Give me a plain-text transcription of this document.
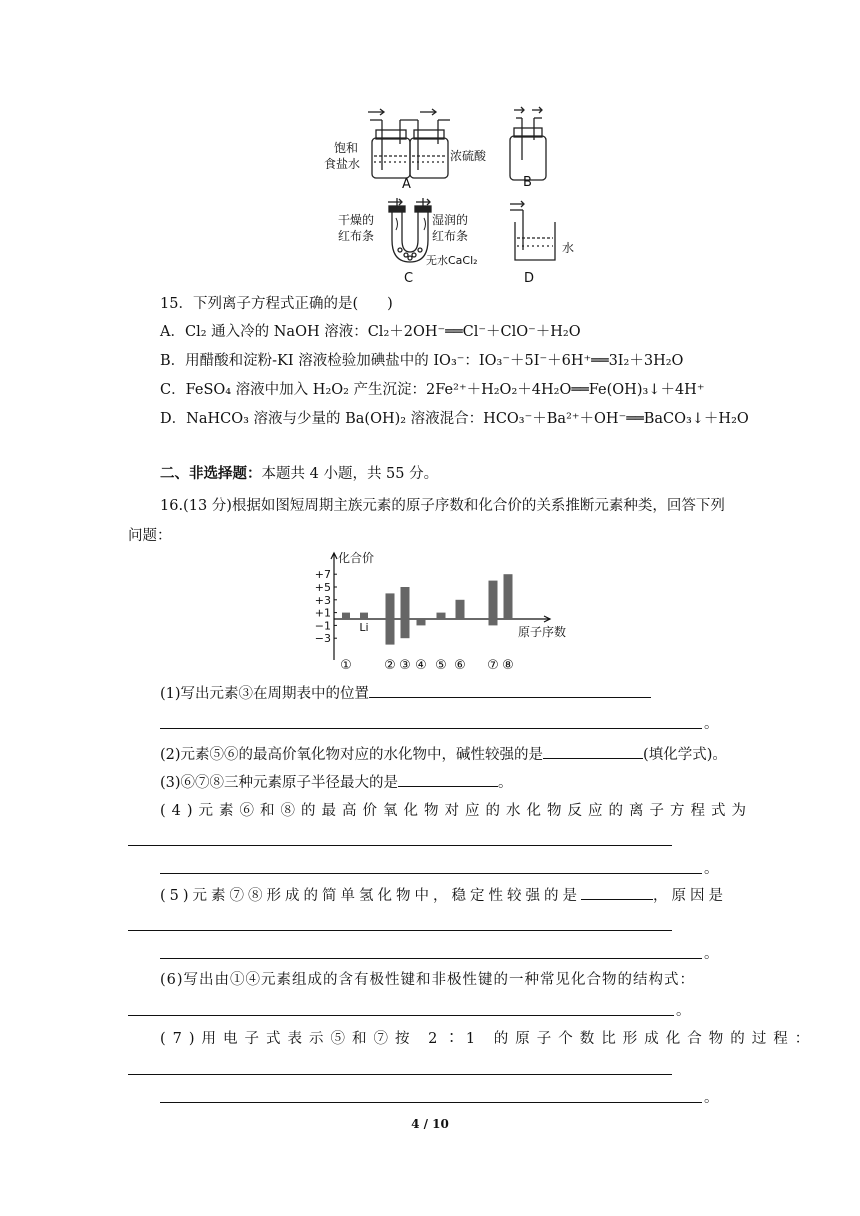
饱和
食盐水
浓硫酸
A	B
干燥的
红布条
湿润的
红布条
无水CaCl₂
C
水
D
15．下列离子方程式正确的是(　　)
A．Cl₂ 通入冷的 NaOH 溶液：Cl₂＋2OH⁻══Cl⁻＋ClO⁻＋H₂O
B．用醋酸和淀粉-KI 溶液检验加碘盐中的 IO₃⁻：IO₃⁻＋5I⁻＋6H⁺══3I₂＋3H₂O
C．FeSO₄ 溶液中加入 H₂O₂ 产生沉淀：2Fe²⁺＋H₂O₂＋4H₂O══Fe(OH)₃↓＋4H⁺
D．NaHCO₃ 溶液与少量的 Ba(OH)₂ 溶液混合：HCO₃⁻＋Ba²⁺＋OH⁻══BaCO₃↓＋H₂O
二、非选择题：本题共 4 小题，共 55 分。
16.(13 分)根据如图短周期主族元素的原子序数和化合价的关系推断元素种类，回答下列
问题：
化合价
原子序数
+7
+5
+3
+1
−1
−3
①
Li
② ③ ④ ⑤ ⑥ ⑦ ⑧
(1)写出元素③在周期表中的位置
。
(2)元素⑤⑥的最高价氧化物对应的水化物中，碱性较强的是	(填化学式)。
(3)⑥⑦⑧三种元素原子半径最大的是	。
(4)元素⑥和⑧的最高价氧化物对应的水化物反应的离子方程式为
。
(5)元素⑦⑧形成的简单氢化物中，稳定性较强的是	，原因是
。
(6)写出由①④元素组成的含有极性键和非极性键的一种常见化合物的结构式：
。
(7)用电子式表示⑤和⑦按 2∶1 的原子个数比形成化合物的过程：
。
4 / 10
